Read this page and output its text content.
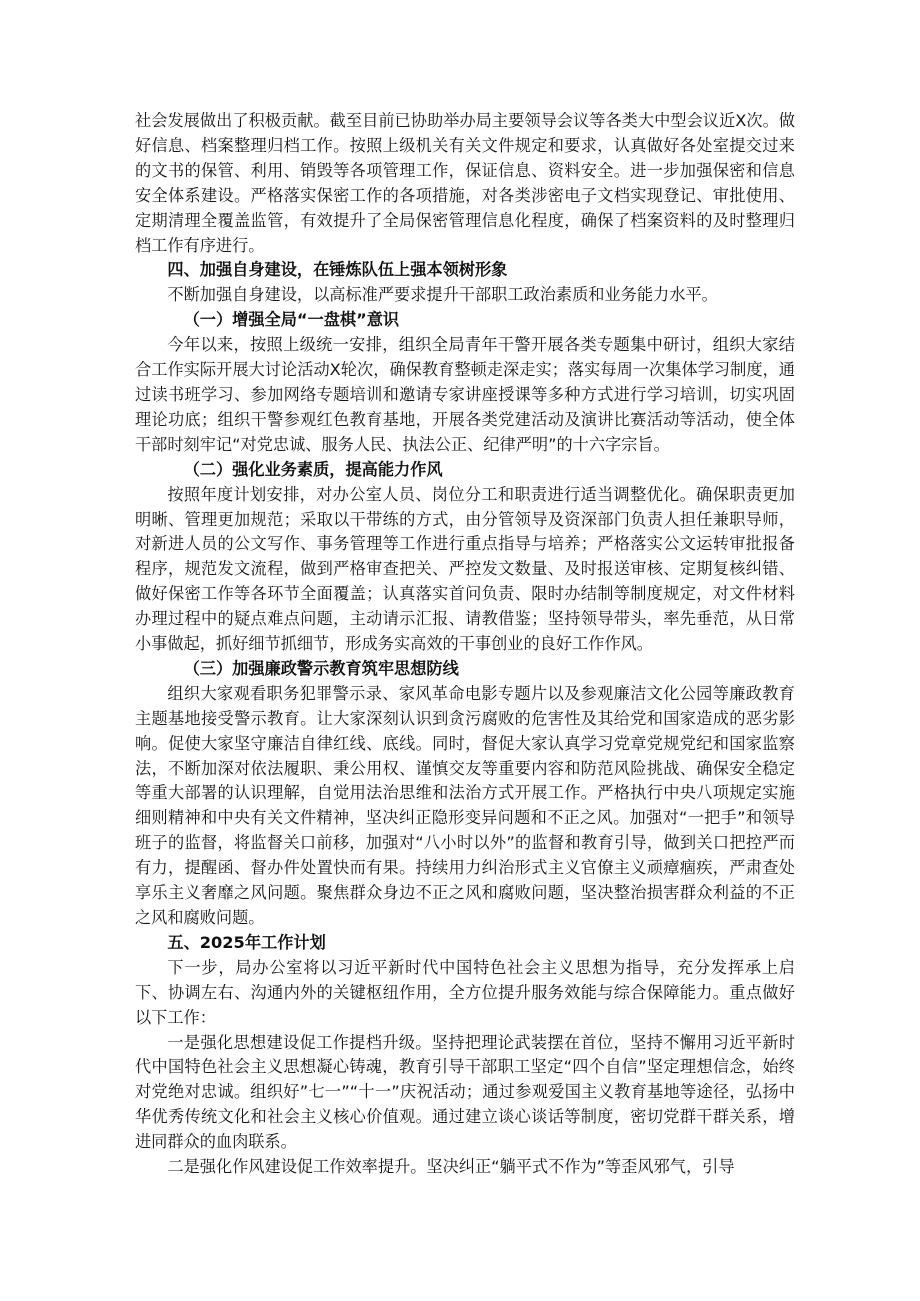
社会发展做出了积极贡献。截至目前已协助举办局主要领导会议等各类大中型会议近X次。做好信息、档案整理归档工作。按照上级机关有关文件规定和要求，认真做好各处室提交过来的文书的保管、利用、销毁等各项管理工作，保证信息、资料安全。进一步加强保密和信息安全体系建设。严格落实保密工作的各项措施，对各类涉密电子文档实现登记、审批使用、定期清理全覆盖监管，有效提升了全局保密管理信息化程度，确保了档案资料的及时整理归档工作有序进行。

四、加强自身建设，在锤炼队伍上强本领树形象

不断加强自身建设，以高标准严要求提升干部职工政治素质和业务能力水平。

（一）增强全局“一盘棋”意识

今年以来，按照上级统一安排，组织全局青年干警开展各类专题集中研讨，组织大家结合工作实际开展大讨论活动X轮次，确保教育整顿走深走实；落实每周一次集体学习制度，通过读书班学习、参加网络专题培训和邀请专家讲座授课等多种方式进行学习培训，切实巩固理论功底；组织干警参观红色教育基地，开展各类党建活动及演讲比赛活动等活动，使全体干部时刻牢记“对党忠诚、服务人民、执法公正、纪律严明”的十六字宗旨。

（二）强化业务素质，提高能力作风

按照年度计划安排，对办公室人员、岗位分工和职责进行适当调整优化。确保职责更加明晰、管理更加规范；采取以干带练的方式，由分管领导及资深部门负责人担任兼职导师，对新进人员的公文写作、事务管理等工作进行重点指导与培养；严格落实公文运转审批报备程序，规范发文流程，做到严格审查把关、严控发文数量、及时报送审核、定期复核纠错、做好保密工作等各环节全面覆盖；认真落实首问负责、限时办结制等制度规定，对文件材料办理过程中的疑点难点问题，主动请示汇报、请教借鉴；坚持领导带头，率先垂范，从日常小事做起，抓好细节抓细节，形成务实高效的干事创业的良好工作作风。

（三）加强廉政警示教育筑牢思想防线

组织大家观看职务犯罪警示录、家风革命电影专题片以及参观廉洁文化公园等廉政教育主题基地接受警示教育。让大家深刻认识到贪污腐败的危害性及其给党和国家造成的恶劣影响。促使大家坚守廉洁自律红线、底线。同时，督促大家认真学习党章党规党纪和国家监察法，不断加深对依法履职、秉公用权、谨慎交友等重要内容和防范风险挑战、确保安全稳定等重大部署的认识理解，自觉用法治思维和法治方式开展工作。严格执行中央八项规定实施细则精神和中央有关文件精神，坚决纠正隐形变异问题和不正之风。加强对“一把手”和领导班子的监督，将监督关口前移，加强对“八小时以外”的监督和教育引导，做到关口把控严而有力，提醒函、督办件处置快而有果。持续用力纠治形式主义官僚主义顽瘴痼疾，严肃查处享乐主义奢靡之风问题。聚焦群众身边不正之风和腐败问题，坚决整治损害群众利益的不正之风和腐败问题。

五、2025年工作计划

下一步，局办公室将以习近平新时代中国特色社会主义思想为指导，充分发挥承上启下、协调左右、沟通内外的关键枢纽作用，全方位提升服务效能与综合保障能力。重点做好以下工作：

一是强化思想建设促工作提档升级。坚持把理论武装摆在首位，坚持不懈用习近平新时代中国特色社会主义思想凝心铸魂，教育引导干部职工坚定“四个自信”坚定理想信念，始终对党绝对忠诚。组织好”七一”“十一”庆祝活动；通过参观爱国主义教育基地等途径，弘扬中华优秀传统文化和社会主义核心价值观。通过建立谈心谈话等制度，密切党群干群关系，增进同群众的血肉联系。

二是强化作风建设促工作效率提升。坚决纠正“躺平式不作为”等歪风邪气，引导
